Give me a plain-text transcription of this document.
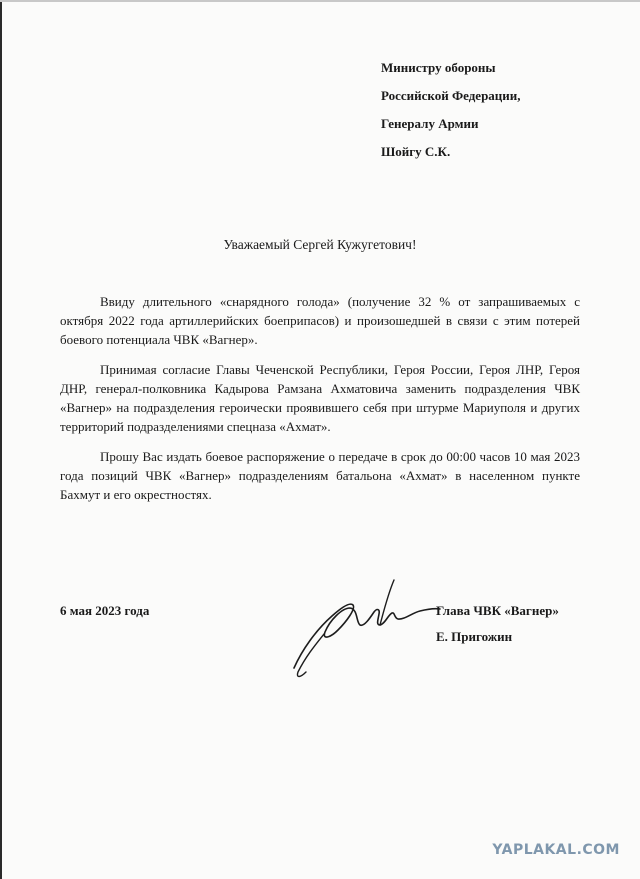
Министру обороны
Российской Федерации,
Генералу Армии
Шойгу С.К.
Уважаемый Сергей Кужугетович!

Ввиду длительного «снарядного голода» (получение 32 % от запрашиваемых с октября 2022 года артиллерийских боеприпасов) и произошедшей в связи с этим потерей боевого потенциала ЧВК «Вагнер».

Принимая согласие Главы Чеченской Республики, Героя России, Героя ЛНР, Героя ДНР, генерал-полковника Кадырова Рамзана Ахматовича заменить подразделения ЧВК «Вагнер» на подразделения героически проявившего себя при штурме Мариуполя и других территорий подразделениями спецназа «Ахмат».

Прошу Вас издать боевое распоряжение о передаче в срок до 00:00 часов 10 мая 2023 года позиций ЧВК «Вагнер» подразделениям батальона «Ахмат» в населенном пункте Бахмут и его окрестностях.

6 мая 2023 года	Глава ЧВК «Вагнер»
Е. Пригожин
YAPLAKAL.COM
